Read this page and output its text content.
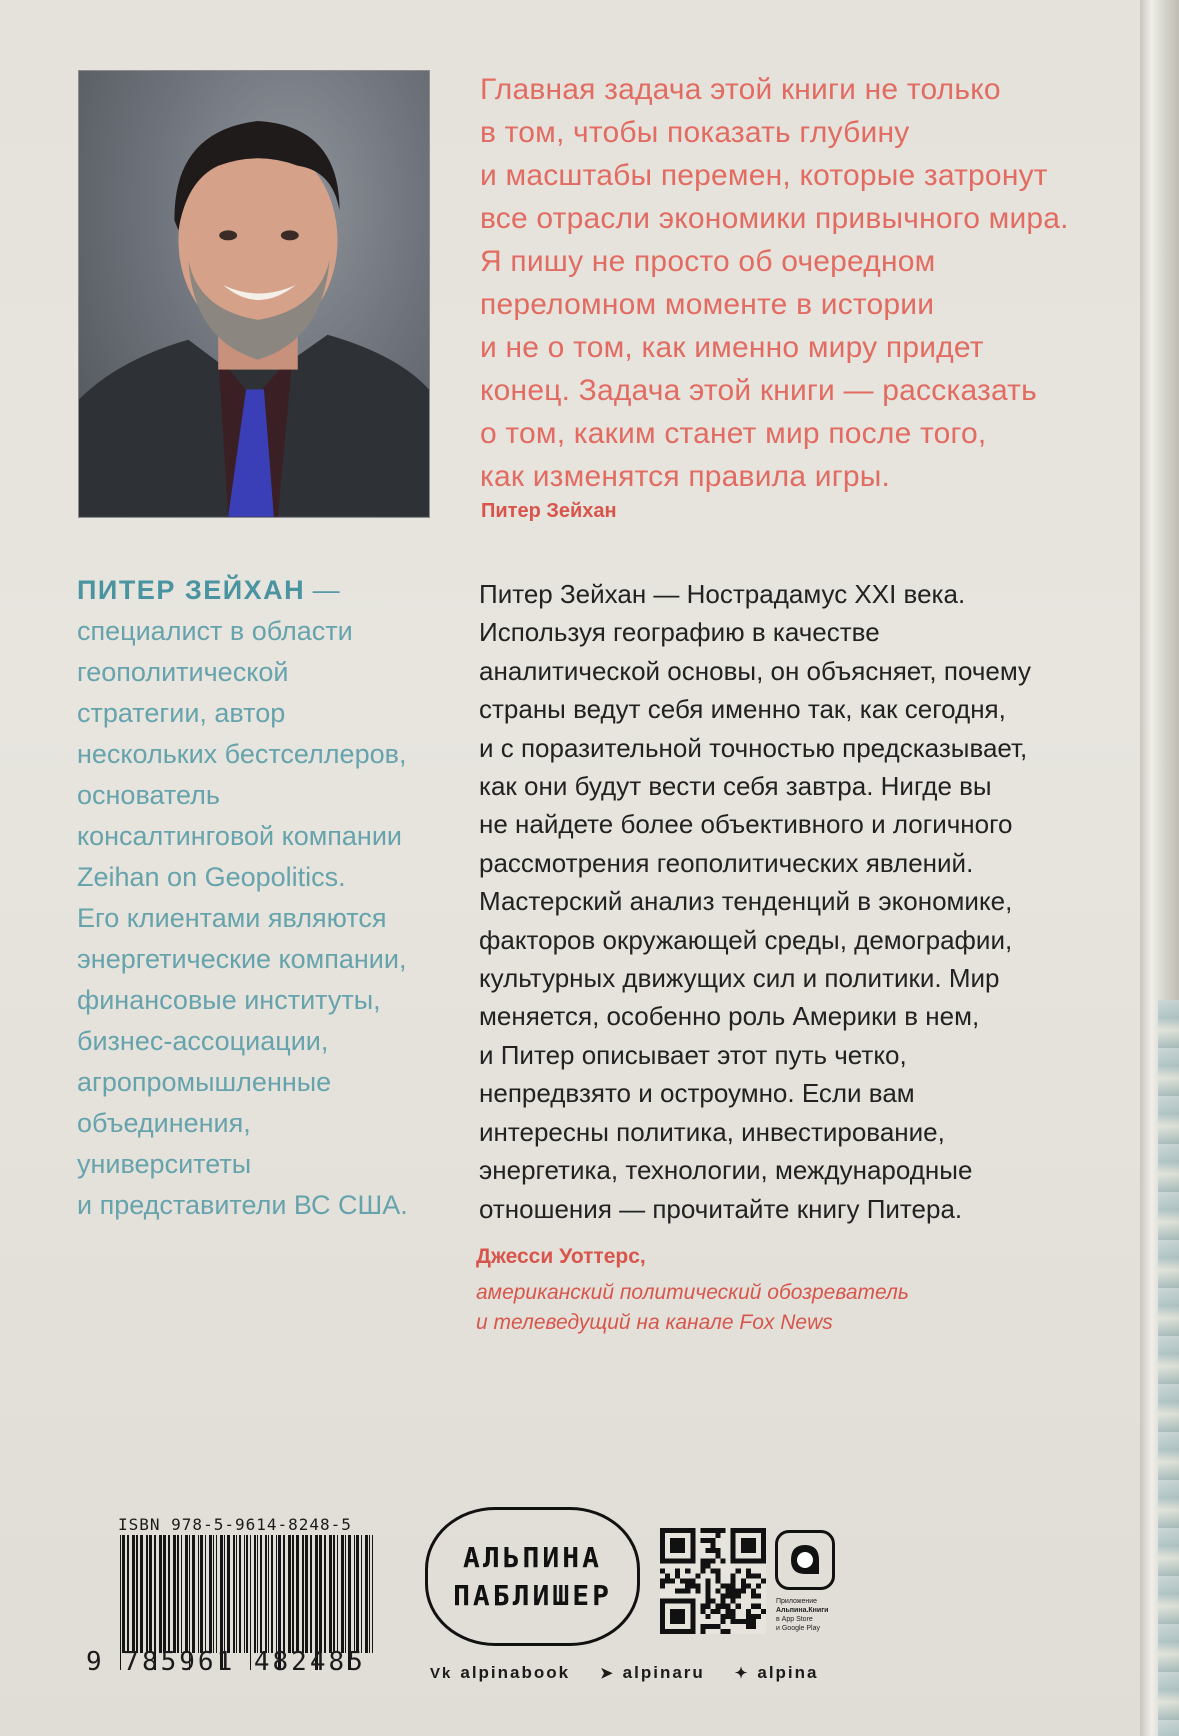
Главная задача этой книги не только

в том, чтобы показать глубину

и масштабы перемен, которые затронут

все отрасли экономики привычного мира.

Я пишу не просто об очередном

переломном моменте в истории

и не о том, как именно миру придет

конец. Задача этой книги — рассказать

о том, каким станет мир после того,

как изменятся правила игры.

Питер Зейхан
ПИТЕР ЗЕЙХАН —
специалист в области
геополитической
стратегии, автор
нескольких бестселлеров,
основатель
консалтинговой компании
Zeihan on Geopolitics.
Его клиентами являются
энергетические компании,
финансовые институты,
бизнес-ассоциации,
агропромышленные
объединения,
университеты
и представители ВС США.

Питер Зейхан — Нострадамус XXI века.

Используя географию в качестве

аналитической основы, он объясняет, почему

страны ведут себя именно так, как сегодня,

и с поразительной точностью предсказывает,

как они будут вести себя завтра. Нигде вы

не найдете более объективного и логичного

рассмотрения геополитических явлений.

Мастерский анализ тенденций в экономике,

факторов окружающей среды, демографии,

культурных движущих сил и политики. Мир

меняется, особенно роль Америки в нем,

и Питер описывает этот путь четко,

непредвзято и остроумно. Если вам

интересны политика, инвестирование,

энергетика, технологии, международные

отношения — прочитайте книгу Питера.

Джесси Уоттерс,
американский политический обозреватель
и телеведущий на канале Fox News
ISBN 978-5-9614-8248-5
9 785961 482485
АЛЬПИНА
ПАБЛИШЕР	Приложение
Альпина.Книги
в App Store
и Google Play
Vk alpinabook ➤ alpinaru ✦ alpina
